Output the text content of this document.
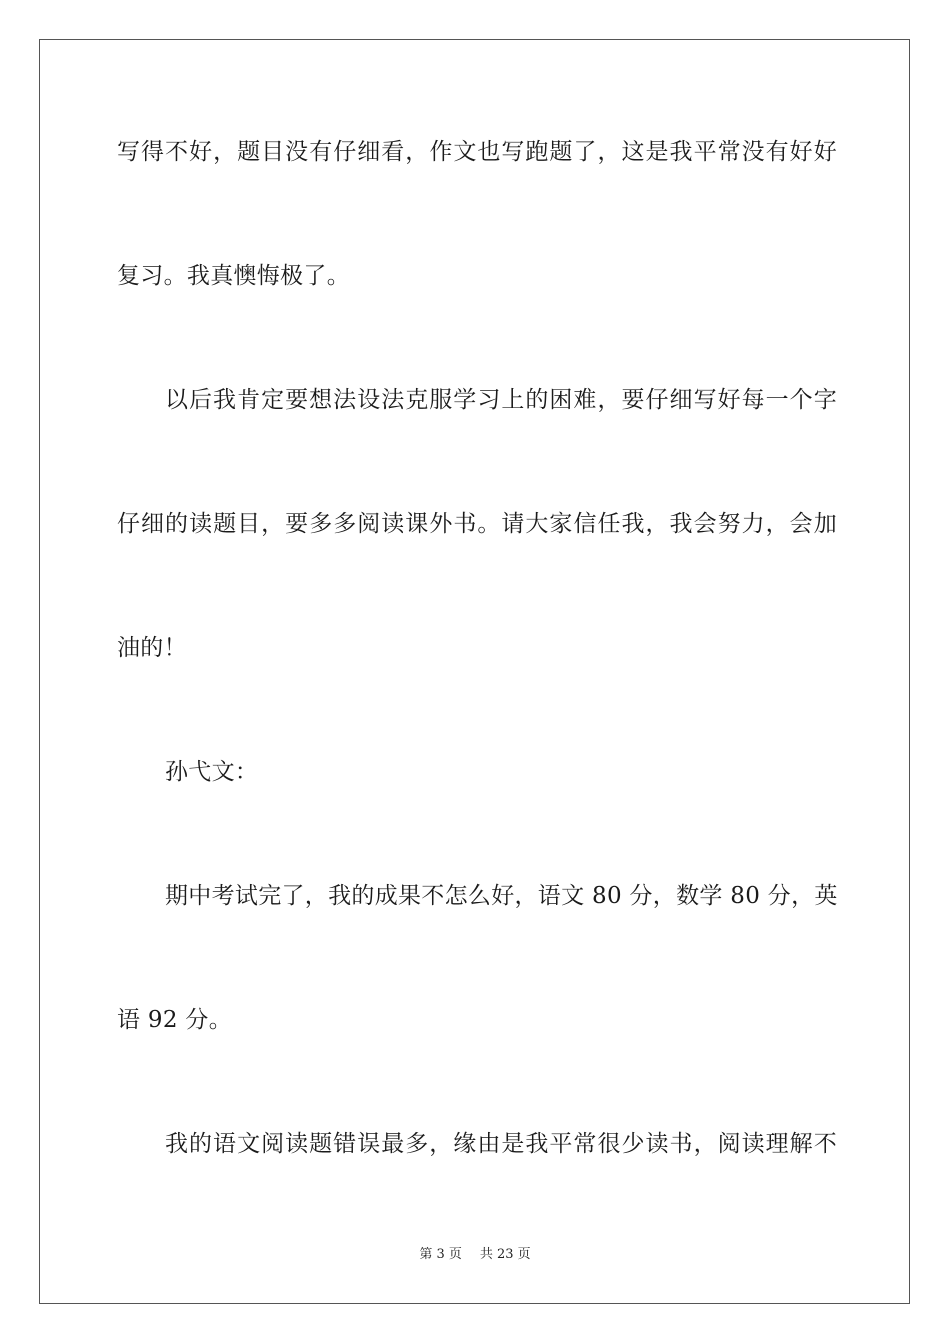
写得不好，题目没有仔细看，作文也写跑题了，这是我平常没有好好
复习。我真懊悔极了。
以后我肯定要想法设法克服学习上的困难，要仔细写好每一个字
仔细的读题目，要多多阅读课外书。请大家信任我，我会努力，会加
油的！
孙弋文：
期中考试完了，我的成果不怎么好，语文 80 分，数学 80 分，英
语 92 分。
我的语文阅读题错误最多，缘由是我平常很少读书，阅读理解不
第 3 页 共 23 页
